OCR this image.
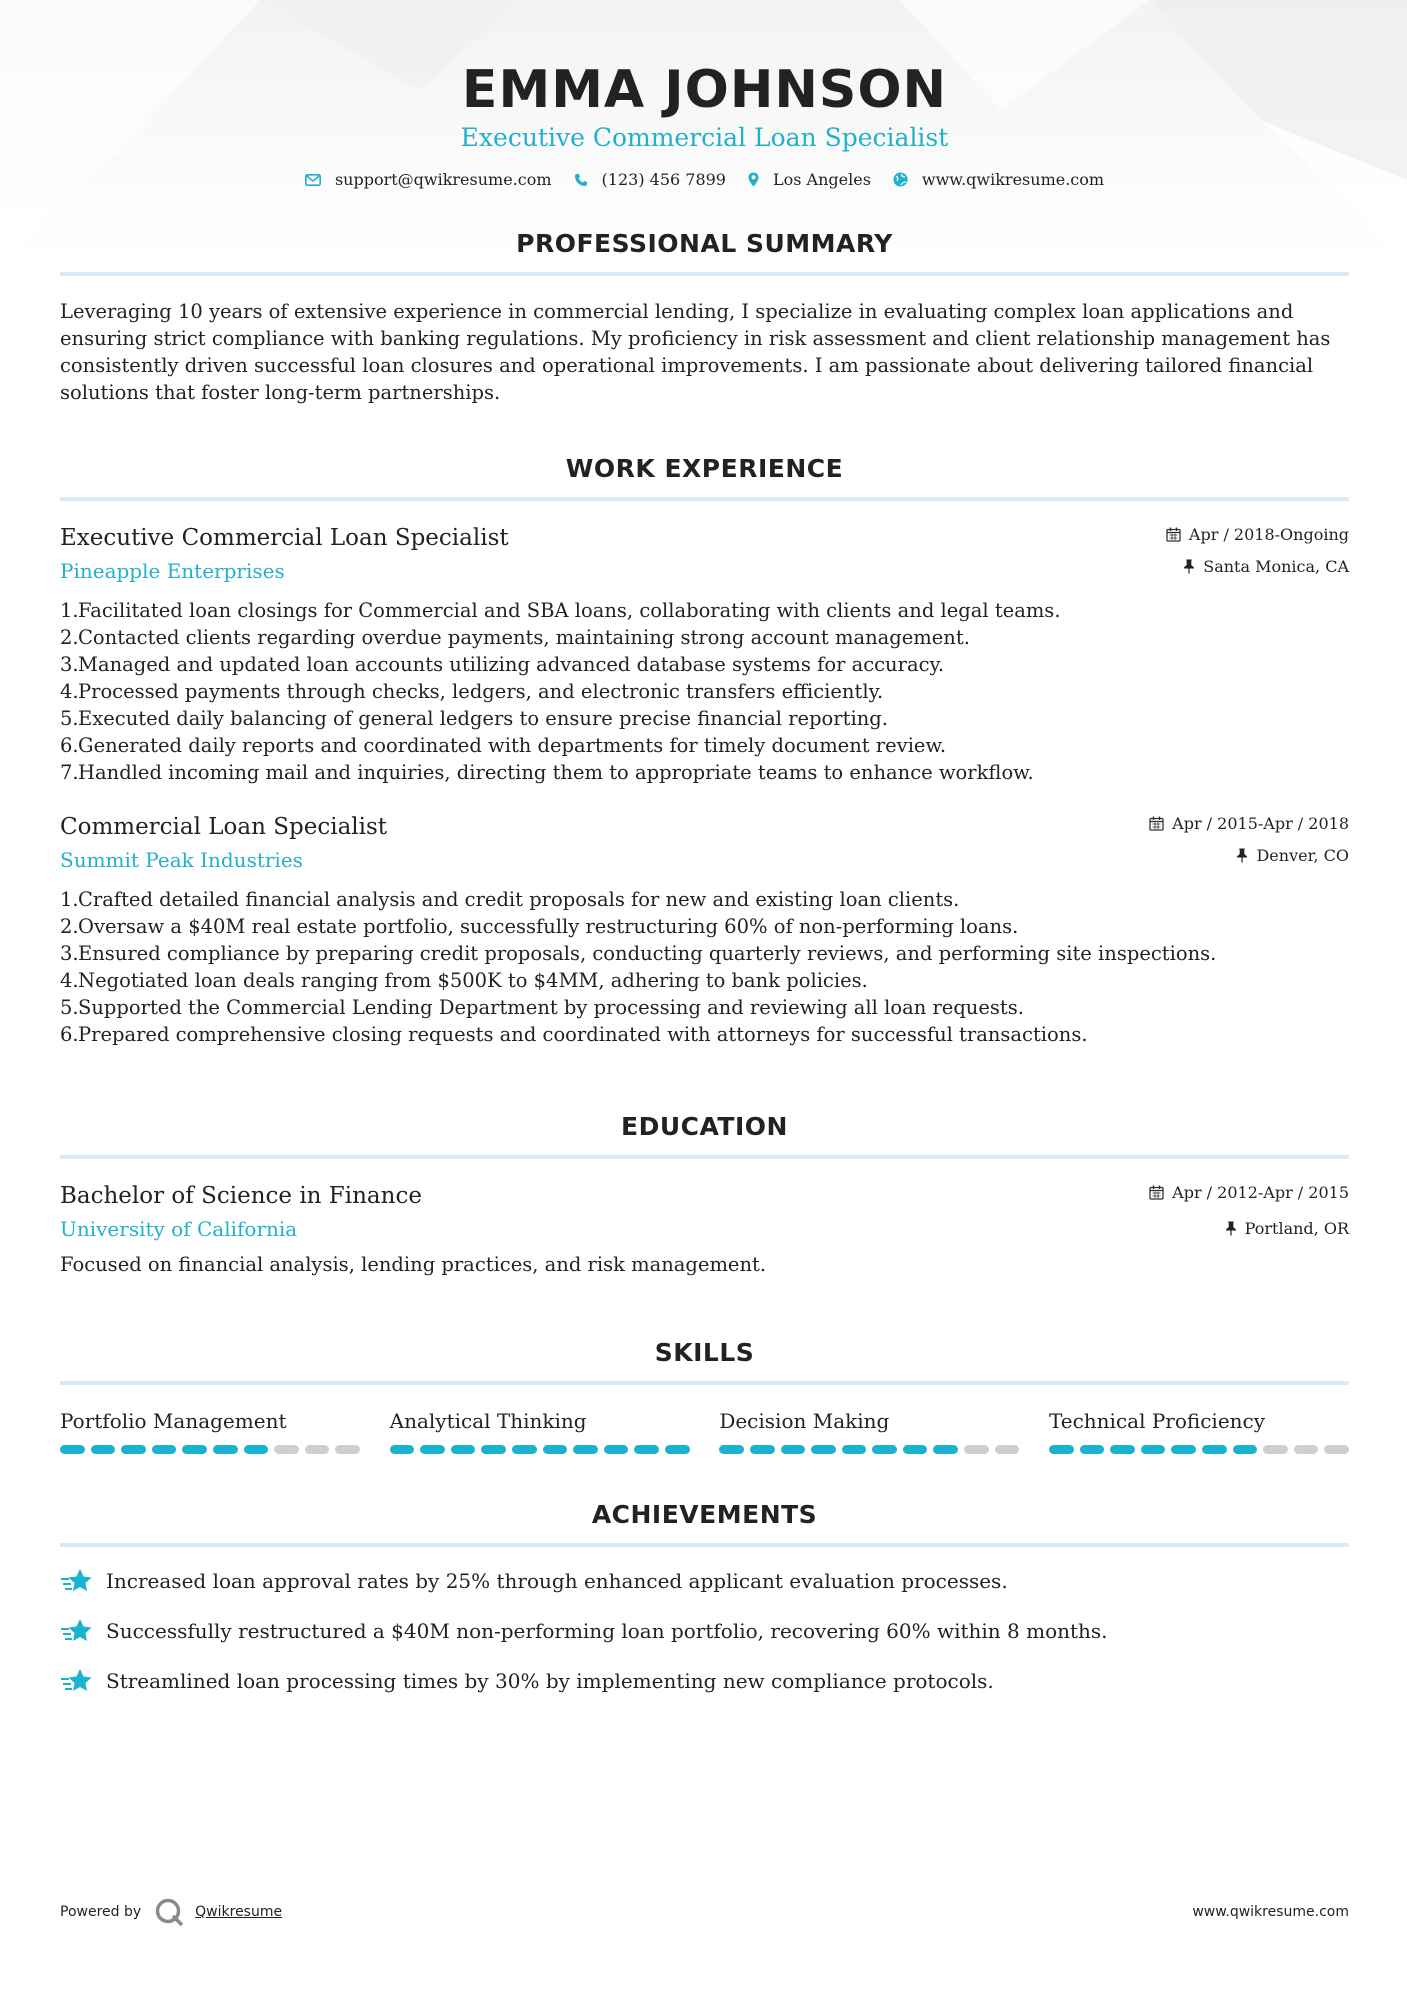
EMMA JOHNSON
Executive Commercial Loan Specialist
support@qwikresume.com	(123) 456 7899	Los Angeles	www.qwikresume.com
PROFESSIONAL SUMMARY
Leveraging 10 years of extensive experience in commercial lending, I specialize in evaluating complex loan applications and ensuring strict compliance with banking regulations. My proficiency in risk assessment and client relationship management has consistently driven successful loan closures and operational improvements. I am passionate about delivering tailored financial solutions that foster long-term partnerships.
WORK EXPERIENCE
Executive Commercial Loan Specialist
Pineapple Enterprises
Apr / 2018-Ongoing
Santa Monica, CA
1. Facilitated loan closings for Commercial and SBA loans, collaborating with clients and legal teams.
2. Contacted clients regarding overdue payments, maintaining strong account management.
3. Managed and updated loan accounts utilizing advanced database systems for accuracy.
4. Processed payments through checks, ledgers, and electronic transfers efficiently.
5. Executed daily balancing of general ledgers to ensure precise financial reporting.
6. Generated daily reports and coordinated with departments for timely document review.
7. Handled incoming mail and inquiries, directing them to appropriate teams to enhance workflow.
Commercial Loan Specialist
Summit Peak Industries
Apr / 2015-Apr / 2018
Denver, CO
1. Crafted detailed financial analysis and credit proposals for new and existing loan clients.
2. Oversaw a $40M real estate portfolio, successfully restructuring 60% of non-performing loans.
3. Ensured compliance by preparing credit proposals, conducting quarterly reviews, and performing site inspections.
4. Negotiated loan deals ranging from $500K to $4MM, adhering to bank policies.
5. Supported the Commercial Lending Department by processing and reviewing all loan requests.
6. Prepared comprehensive closing requests and coordinated with attorneys for successful transactions.
EDUCATION
Bachelor of Science in Finance
University of California
Apr / 2012-Apr / 2015
Portland, OR
Focused on financial analysis, lending practices, and risk management.
SKILLS
Portfolio Management	Analytical Thinking	Decision Making	Technical Proficiency
ACHIEVEMENTS
Increased loan approval rates by 25% through enhanced applicant evaluation processes.
Successfully restructured a $40M non-performing loan portfolio, recovering 60% within 8 months.
Streamlined loan processing times by 30% by implementing new compliance protocols.
Powered by	Qwikresume	www.qwikresume.com
